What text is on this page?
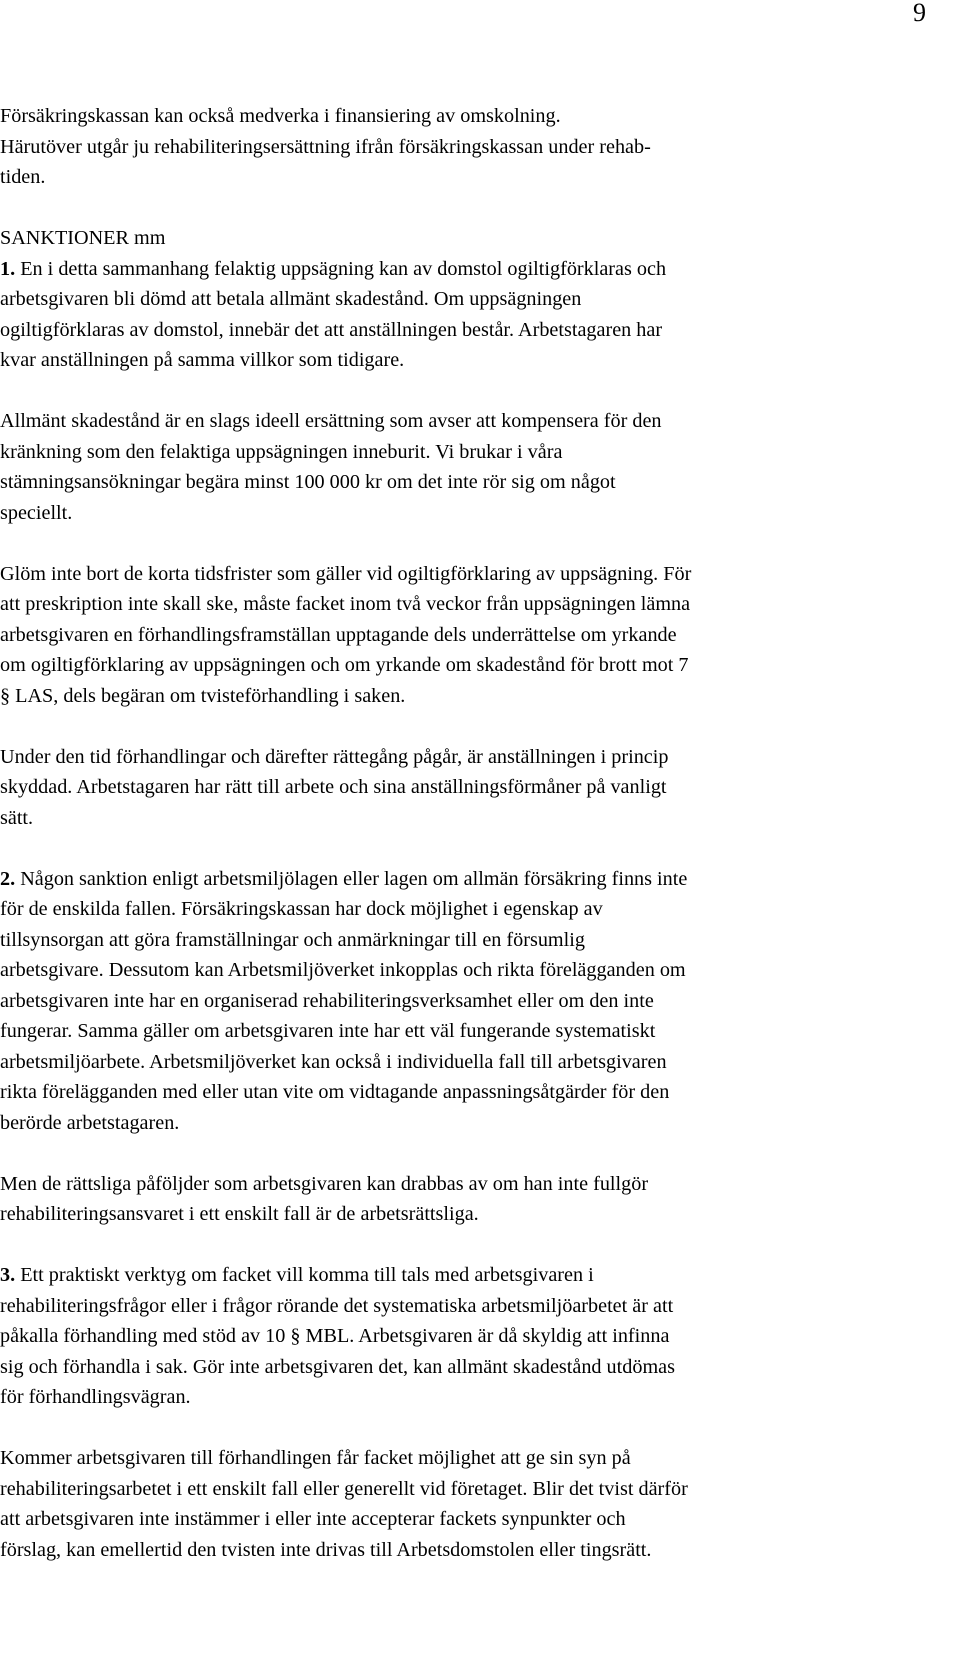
9
Försäkringskassan kan också medverka i finansiering av omskolning.
Härutöver utgår ju rehabiliteringsersättning ifrån försäkringskassan under rehab-
tiden.
SANKTIONER mm
1. En i detta sammanhang felaktig uppsägning kan av domstol ogiltigförklaras och
arbetsgivaren bli dömd att betala allmänt skadestånd. Om uppsägningen
ogiltigförklaras av domstol, innebär det att anställningen består. Arbetstagaren har
kvar anställningen på samma villkor som tidigare.
Allmänt skadestånd är en slags ideell ersättning som avser att kompensera för den
kränkning som den felaktiga uppsägningen inneburit. Vi brukar i våra
stämningsansökningar begära minst 100 000 kr om det inte rör sig om något
speciellt.
Glöm inte bort de korta tidsfrister som gäller vid ogiltigförklaring av uppsägning. För
att preskription inte skall ske, måste facket inom två veckor från uppsägningen lämna
arbetsgivaren en förhandlingsframställan upptagande dels underrättelse om yrkande
om ogiltigförklaring av uppsägningen och om yrkande om skadestånd för brott mot 7
§ LAS, dels begäran om tvisteförhandling i saken.
Under den tid förhandlingar och därefter rättegång pågår, är anställningen i princip
skyddad. Arbetstagaren har rätt till arbete och sina anställningsförmåner på vanligt
sätt.
2. Någon sanktion enligt arbetsmiljölagen eller lagen om allmän försäkring finns inte
för de enskilda fallen. Försäkringskassan har dock möjlighet i egenskap av
tillsynsorgan att göra framställningar och anmärkningar till en försumlig
arbetsgivare. Dessutom kan Arbetsmiljöverket inkopplas och rikta förelägganden om
arbetsgivaren inte har en organiserad rehabiliteringsverksamhet eller om den inte
fungerar. Samma gäller om arbetsgivaren inte har ett väl fungerande systematiskt
arbetsmiljöarbete. Arbetsmiljöverket kan också i individuella fall till arbetsgivaren
rikta förelägganden med eller utan vite om vidtagande anpassningsåtgärder för den
berörde arbetstagaren.
Men de rättsliga påföljder som arbetsgivaren kan drabbas av om han inte fullgör
rehabiliteringsansvaret i ett enskilt fall är de arbetsrättsliga.
3. Ett praktiskt verktyg om facket vill komma till tals med arbetsgivaren i
rehabiliteringsfrågor eller i frågor rörande det systematiska arbetsmiljöarbetet är att
påkalla förhandling med stöd av 10 § MBL. Arbetsgivaren är då skyldig att infinna
sig och förhandla i sak. Gör inte arbetsgivaren det, kan allmänt skadestånd utdömas
för förhandlingsvägran.
Kommer arbetsgivaren till förhandlingen får facket möjlighet att ge sin syn på
rehabiliteringsarbetet i ett enskilt fall eller generellt vid företaget. Blir det tvist därför
att arbetsgivaren inte instämmer i eller inte accepterar fackets synpunkter och
förslag, kan emellertid den tvisten inte drivas till Arbetsdomstolen eller tingsrätt.
